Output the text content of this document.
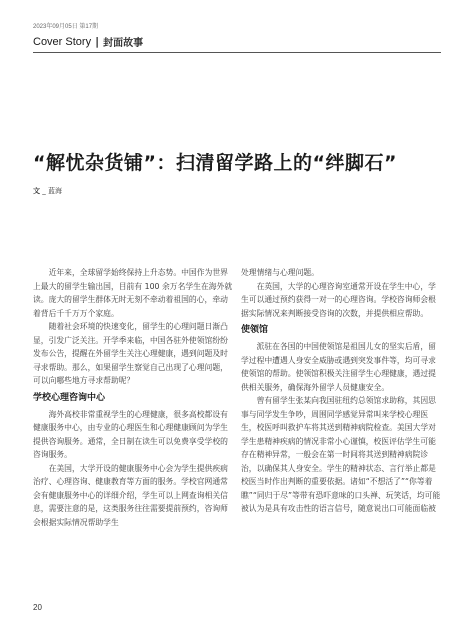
2023年09月05日 第17期
Cover Story | 封面故事
“解忧杂货铺”：扫清留学路上的“绊脚石”
文 _ 蓝海

近年来，全球留学始终保持上升态势。中国作为世界上最大的留学生输出国，目前有 100 余万名学生在海外就读。庞大的留学生群体无时无刻不牵动着祖国的心，牵动着背后千千万万个家庭。

随着社会环境的快速变化，留学生的心理问题日渐凸显，引发广泛关注。开学季来临，中国各驻外使领馆纷纷发布公告，提醒在外留学生关注心理健康，遇到问题及时寻求帮助。那么，如果留学生察觉自己出现了心理问题，可以向哪些地方寻求帮助呢？

学校心理咨询中心

海外高校非常重视学生的心理健康，很多高校都设有健康服务中心，由专业的心理医生和心理健康顾问为学生提供咨询服务。通常，全日制在读生可以免费享受学校的咨询服务。

在美国，大学开设的健康服务中心会为学生提供疾病治疗、心理咨询、健康教育等方面的服务。学校官网通常会有健康服务中心的详细介绍，学生可以上网查询相关信息，需要注意的是，这类服务往往需要提前预约，咨询师会根据实际情况帮助学生

处理情绪与心理问题。

在英国，大学的心理咨询室通常开设在学生中心，学生可以通过预约获得一对一的心理咨询。学校咨询师会根据实际情况来判断接受咨询的次数，并提供相应帮助。

使领馆

派驻在各国的中国使领馆是祖国儿女的坚实后盾，留学过程中遭遇人身安全威胁或遇到突发事件等，均可寻求使领馆的帮助。使领馆积极关注留学生心理健康，遇过提供相关服务，确保海外留学人员健康安全。

曾有留学生张某向我国驻纽约总领馆求助称，其因思事与同学发生争吵，周围同学感觉异常叫来学校心理医生，校医呼叫救护车将其送到精神病院检查。美国大学对学生患精神疾病的情况非常小心谨慎，校医评估学生可能存在精神异常，一般会在第一时间将其送到精神病院诊治，以确保其人身安全。学生的精神状态、言行举止都是校医当时作出判断的重要依据。诸如“不想活了”“你等着瞧”“同归于尽”等带有恐吓意味的口头禅、玩笑话，均可能被认为是具有攻击性的语言信号，随意说出口可能面临被

20
